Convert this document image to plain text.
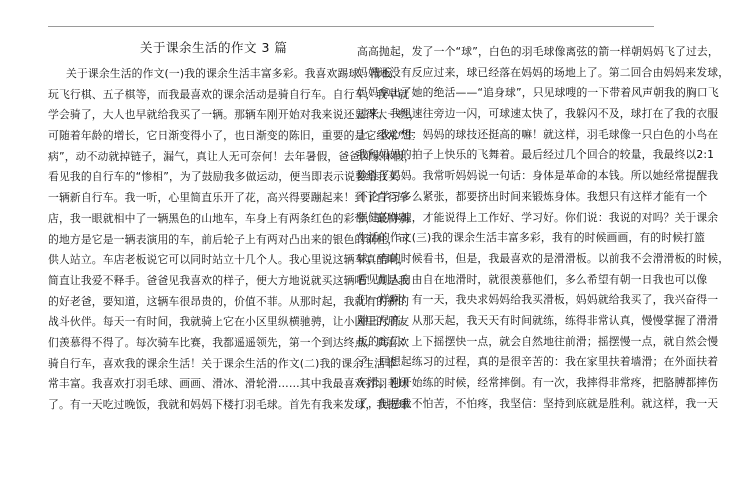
关于课余生活的作文 3 篇
关于课余生活的作文(一)我的课余生活丰富多彩。我喜欢踢球、滑板、
玩飞行棋、五子棋等，而我最喜欢的课余活动是骑自行车。自行车，我早就
学会骑了，大人也早就给我买了一辆。那辆车刚开始对我来说还显得大一些，
可随着年龄的增长，它日渐变得小了，也日渐变的陈旧，重要的是它经常“生
病”，动不动就掉链子，漏气，真让人无可奈何！去年暑假，爸爸回家休假，
看见我的自行车的“惨相”，为了鼓励我多做运动，便当即表示说要给我买
一辆新自行车。我一听，心里简直乐开了花，高兴得要蹦起来！到了自行车
店，我一眼就相中了一辆黑色的山地车，车身上有两条红色的彩带，最特别
的地方是它是一辆表演用的车，前后轮子上有两对凸出来的银色的钢柱，可
供人站立。车店老板说它可以同时站立十几个人。我心里说这辆车真酷啊，
简直让我爱不释手。爸爸见我喜欢的样子，便大方地说就买这辆吧！真是我
的好老爸，要知道，这辆车很昂贵的，价值不菲。从那时起，我就有的新的
战斗伙伴。每天一有时间，我就骑上它在小区里纵横驰骋，让小区里的朋友
们羡慕得不得了。每次骑车比赛，我都遥遥领先，第一个到达终点。真喜欢
骑自行车，喜欢我的课余生活！关于课余生活的作文(二)我的课余生活非
常丰富。我喜欢打羽毛球、画画、滑冰、滑轮滑……其中我最喜欢打羽毛球
了。有一天吃过晚饭，我就和妈妈下楼打羽毛球。首先有我来发球，我把球
高高抛起，发了一个“球”，白色的羽毛球像离弦的箭一样朝妈妈飞了过去，
妈妈还没有反应过来，球已经落在妈妈的场地上了。第二回合由妈妈来发球，
妈妈拿出了她的绝活——“追身球”，只见球嗖的一下带着风声朝我的胸口飞
过来，我迅速往旁边一闪，可球速太快了，我躲闪不及，球打在了我的衣服
上。我心想：妈妈的球技还挺高的嘛！就这样，羽毛球像一只白色的小鸟在
我和妈妈的拍子上快乐的飞舞着。最后经过几个回合的较量，我最终以2:1
险胜了妈妈。我常听妈妈说一句话：身体是革命的本钱。所以她经常提醒我
不论学习多么紧张，都要挤出时间来锻炼身体。我想只有这样才能有一个
强健的体魄，才能说得上工作好、学习好。你们说：我说的对吗？关于课余
生活的作文(三)我的课余生活丰富多彩，我有的时候画画，有的时候打篮
球，有的时候看书，但是，我最喜欢的是滑滑板。以前我不会滑滑板的时候，
看见别人自由自在地滑时，就很羡慕他们，多么希望有朝一日我也可以像
们一样啊！有一天，我央求妈妈给我买滑板，妈妈就给我买了，我兴奋得一
蹦三尺高。从那天起，我天天有时间就练，练得非常认真，慢慢掌握了滑滑
板的窍门：上下摇摆快一点，就会自然地往前滑；摇摆慢一点，就自然会慢
了。回想起练习的过程，真的是很辛苦的：我在家里扶着墙滑；在外面扶着
车滑。刚开始练的时候，经常摔倒。有一次，我摔得非常疼，把胳膊都摔伤
了，但是我不怕苦，不怕疼，我坚信：坚持到底就是胜利。就这样，我一天
